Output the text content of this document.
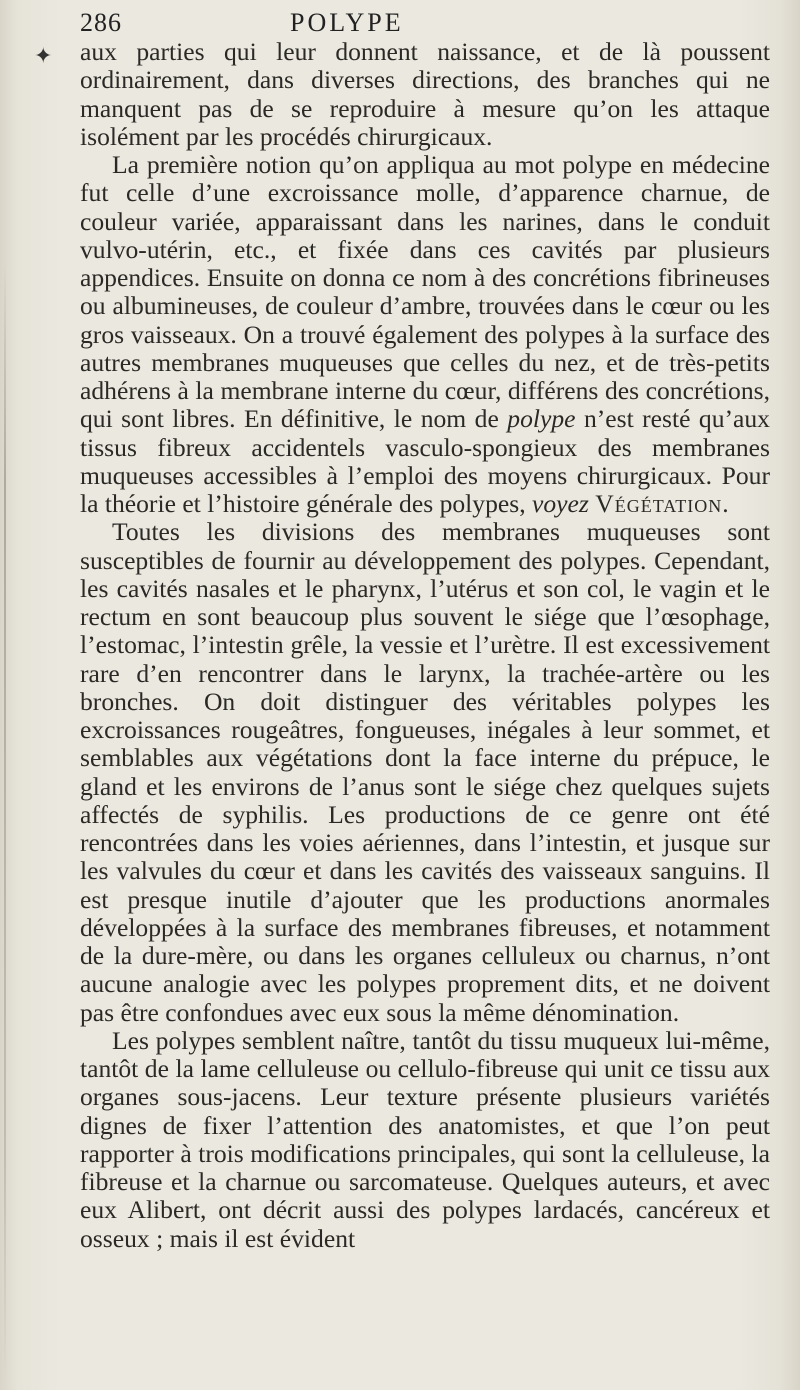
✦
286	POLYPE

aux parties qui leur donnent naissance, et de là poussent ordinairement, dans diverses directions, des branches qui ne manquent pas de se reproduire à mesure qu’on les attaque isolément par les procédés chirurgicaux.

La première notion qu’on appliqua au mot polype en médecine fut celle d’une excroissance molle, d’apparence charnue, de couleur variée, apparaissant dans les narines, dans le conduit vulvo-utérin, etc., et fixée dans ces cavités par plusieurs appendices. Ensuite on donna ce nom à des concrétions fibrineuses ou albumineuses, de couleur d’ambre, trouvées dans le cœur ou les gros vaisseaux. On a trouvé également des polypes à la surface des autres membranes muqueuses que celles du nez, et de très-petits adhérens à la membrane interne du cœur, différens des concrétions, qui sont libres. En définitive, le nom de polype n’est resté qu’aux tissus fibreux accidentels vasculo-spongieux des membranes muqueuses accessibles à l’emploi des moyens chirurgicaux. Pour la théorie et l’histoire générale des polypes, voyez Végétation.

Toutes les divisions des membranes muqueuses sont susceptibles de fournir au développement des polypes. Cependant, les cavités nasales et le pharynx, l’utérus et son col, le vagin et le rectum en sont beaucoup plus souvent le siége que l’œsophage, l’estomac, l’intestin grêle, la vessie et l’urètre. Il est excessivement rare d’en rencontrer dans le larynx, la trachée-artère ou les bronches. On doit distinguer des véritables polypes les excroissances rougeâtres, fongueuses, inégales à leur sommet, et semblables aux végétations dont la face interne du prépuce, le gland et les environs de l’anus sont le siége chez quelques sujets affectés de syphilis. Les productions de ce genre ont été rencontrées dans les voies aériennes, dans l’intestin, et jusque sur les valvules du cœur et dans les cavités des vaisseaux sanguins. Il est presque inutile d’ajouter que les productions anormales développées à la surface des membranes fibreuses, et notamment de la dure-mère, ou dans les organes celluleux ou charnus, n’ont aucune analogie avec les polypes proprement dits, et ne doivent pas être confondues avec eux sous la même dénomination.

Les polypes semblent naître, tantôt du tissu muqueux lui-même, tantôt de la lame celluleuse ou cellulo-fibreuse qui unit ce tissu aux organes sous-jacens. Leur texture présente plusieurs variétés dignes de fixer l’attention des anatomistes, et que l’on peut rapporter à trois modifications principales, qui sont la celluleuse, la fibreuse et la charnue ou sarcomateuse. Quelques auteurs, et avec eux Alibert, ont décrit aussi des polypes lardacés, cancéreux et osseux ; mais il est évident
